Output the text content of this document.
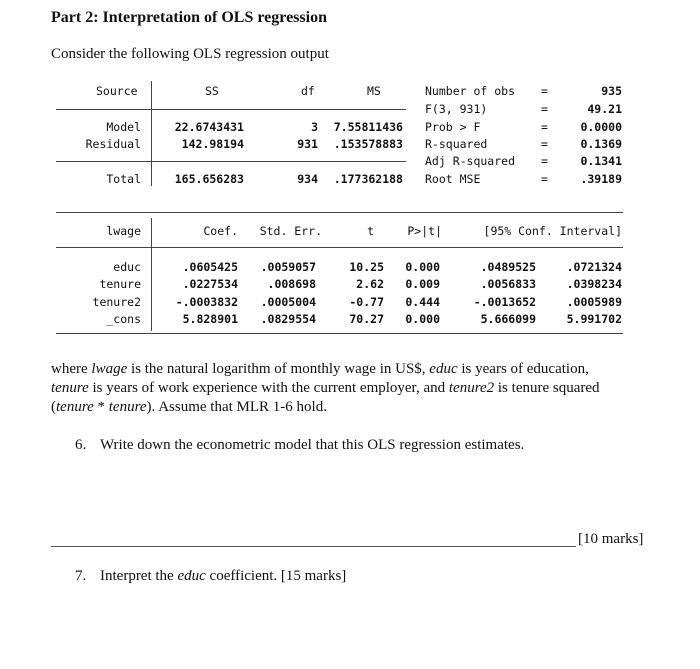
Part 2: Interpretation of OLS regression
Consider the following OLS regression output
Source	SS	df	MS
Model	22.6743431	3 7.55811436
Residual	142.98194	931 .153578883
Total	165.656283	934 .177362188
Number of obs =	935
F(3, 931)	=	49.21
Prob > F	=	0.0000
R-squared	=	0.1369
Adj R-squared =	0.1341
Root MSE	=	.39189
lwage	Coef. Std. Err.	t	P>|t|	[95% Conf. Interval]
educ	.0605425 .0059057	10.25 0.000	.0489525	.0721324
tenure	.0227534	.008698	2.62 0.009	.0056833	.0398234
tenure2	-.0003832 .0005004	-0.77 0.444	-.0013652	.0005989
_cons	5.828901 .0829554	70.27 0.000	5.666099	5.991702
where lwage is the natural logarithm of monthly wage in US$, educ is years of education,
tenure is years of work experience with the current employer, and tenure2 is tenure squared
(tenure * tenure). Assume that MLR 1-6 hold.
6. Write down the econometric model that this OLS regression estimates.
[10 marks]
7. Interpret the educ coefficient. [15 marks]
